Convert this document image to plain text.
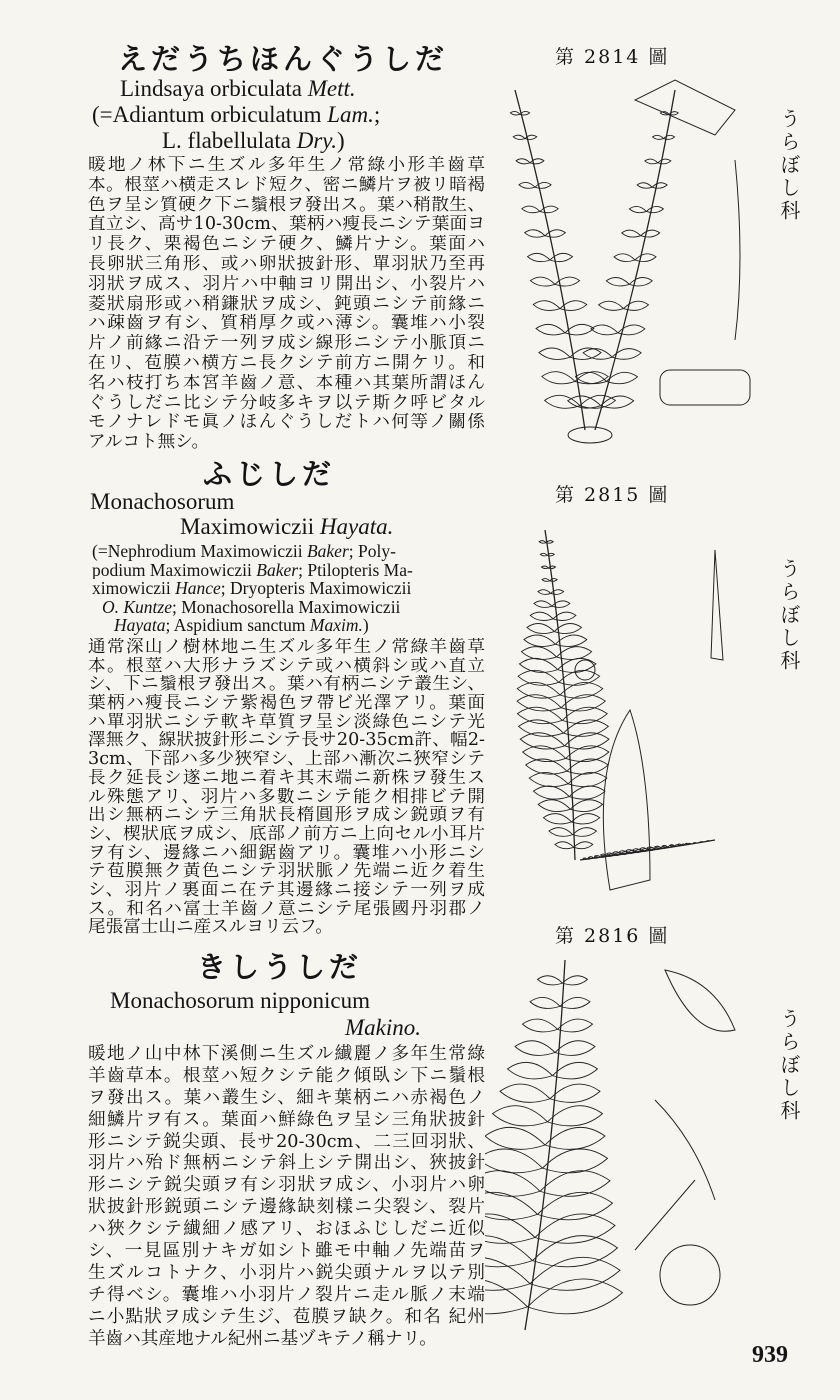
えだうちほんぐうしだ
Lindsaya orbiculata Mett.
(=Adiantum orbiculatum Lam.;
L. flabellulata Dry.)
暖地ノ林下ニ生ズル多年生ノ常綠小形羊齒草
本。根莖ハ横走スレド短ク、密ニ鱗片ヲ被リ暗褐
色ヲ呈シ質硬ク下ニ鬚根ヲ發出ス。葉ハ稍散生、
直立シ、高サ10-30cm、葉柄ハ瘦長ニシテ葉面ヨ
リ長ク、栗褐色ニシテ硬ク、鱗片ナシ。葉面ハ
長卵狀三角形、或ハ卵狀披針形、單羽狀乃至再
羽狀ヲ成ス、羽片ハ中軸ヨリ開出シ、小裂片ハ
菱狀扇形或ハ稍鎌狀ヲ成シ、鈍頭ニシテ前緣ニ
ハ疎齒ヲ有シ、質稍厚ク或ハ薄シ。囊堆ハ小裂
片ノ前緣ニ沿テ一列ヲ成シ線形ニシテ小脈頂ニ
在リ、苞膜ハ横方ニ長クシテ前方ニ開ケリ。和
名ハ枝打ち本宮羊齒ノ意、本種ハ其葉所謂ほん
ぐうしだニ比シテ分岐多キヲ以テ斯ク呼ビタル
モノナレドモ眞ノほんぐうしだトハ何等ノ關係
アルコト無シ。
ふじしだ
Monachosorum
Maximowiczii Hayata.
(=Nephrodium Maximowiczii Baker; Poly-
podium Maximowiczii Baker; Ptilopteris Ma-
ximowiczii Hance; Dryopteris Maximowiczii
O. Kuntze; Monachosorella Maximowiczii
Hayata; Aspidium sanctum Maxim.)
通常深山ノ樹林地ニ生ズル多年生ノ常綠羊齒草
本。根莖ハ大形ナラズシテ或ハ横斜シ或ハ直立
シ、下ニ鬚根ヲ發出ス。葉ハ有柄ニシテ叢生シ、
葉柄ハ瘦長ニシテ紫褐色ヲ帶ビ光澤アリ。葉面
ハ單羽狀ニシテ軟キ草質ヲ呈シ淡綠色ニシテ光
澤無ク、線狀披針形ニシテ長サ20-35cm許、幅2-
3cm、下部ハ多少狹窄シ、上部ハ漸次ニ狹窄シテ
長ク延長シ遂ニ地ニ着キ其末端ニ新株ヲ發生ス
ル殊態アリ、羽片ハ多數ニシテ能ク相排ビテ開
出シ無柄ニシテ三角狀長楕圓形ヲ成シ鋭頭ヲ有
シ、楔狀底ヲ成シ、底部ノ前方ニ上向セル小耳片
ヲ有シ、邊緣ニハ細鋸齒アリ。囊堆ハ小形ニシ
テ苞膜無ク黃色ニシテ羽狀脈ノ先端ニ近ク着生
シ、羽片ノ裏面ニ在テ其邊緣ニ接シテ一列ヲ成
ス。和名ハ富士羊齒ノ意ニシテ尾張國丹羽郡ノ
尾張富士山ニ産スルヨリ云フ。
きしうしだ
Monachosorum nipponicum
Makino.
暖地ノ山中林下溪側ニ生ズル纎麗ノ多年生常綠
羊齒草本。根莖ハ短クシテ能ク傾臥シ下ニ鬚根
ヲ發出ス。葉ハ叢生シ、細キ葉柄ニハ赤褐色ノ
細鱗片ヲ有ス。葉面ハ鮮綠色ヲ呈シ三角狀披針
形ニシテ鋭尖頭、長サ20-30cm、二三回羽狀、
羽片ハ殆ド無柄ニシテ斜上シテ開出シ、狹披針
形ニシテ鋭尖頭ヲ有シ羽狀ヲ成シ、小羽片ハ卵
狀披針形鋭頭ニシテ邊緣缺刻樣ニ尖裂シ、裂片
ハ狹クシテ纎細ノ感アリ、おほふじしだニ近似
シ、一見區別ナキガ如シト雖モ中軸ノ先端苗ヲ
生ズルコトナク、小羽片ハ鋭尖頭ナルヲ以テ別
チ得ベシ。囊堆ハ小羽片ノ裂片ニ走ル脈ノ末端
ニ小點狀ヲ成シテ生ジ、苞膜ヲ缺ク。和名 紀州
羊齒ハ其産地ナル紀州ニ基ヅキテノ稱ナリ。
第 2814 圖
第 2815 圖
第 2816 圖
うらぼし科
うらぼし科
うらぼし科
939
